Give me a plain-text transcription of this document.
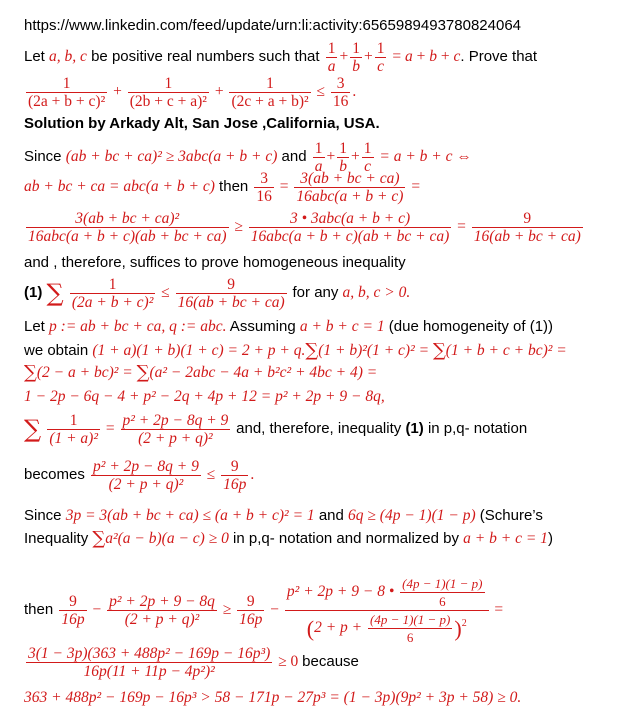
https://www.linkedin.com/feed/update/urn:li:activity:6565989493780824064
Let a, b, c be positive real numbers such that $\frac{1}{a} + \frac{1}{b} + \frac{1}{c} = a + b + c$. Prove that
$\frac{1}{\text{(2a + b + c)²}} + \frac{1}{\text{(2b + c + a)²}} + \frac{1}{\text{(2c + a + b)²}} \le \frac{3}{16}$ .
Solution by Arkady Alt, San Jose ,California, USA.
Since (ab + bc + ca)² ≥ 3abc(a + b + c) and $\frac{1}{a} + \frac{1}{b} + \frac{1}{c} = a + b + c$ ⇔
ab + bc + ca = abc(a + b + c) then $\frac{3}{16} = \frac{3(ab + bc + ca)}{\text{16abc(a + b + c)}}$ =
$\frac{\text{3(ab + bc + ca)²}}{\text{16abc(a + b + c)(ab + bc + ca)}} \ge \frac{\text{3 • 3abc(a + b + c)}}{\text{16abc(a + b + c)(ab + bc + ca)}} = \frac{9}{16(ab + bc + ca)}$
and , therefore, suffices to prove homogeneous inequality
(1) ∑ $\frac{1}{\text{(2a + b + c)²}} \le \frac{9}{16(ab + bc + ca)}$ for any a, b, c > 0.
Let p := ab + bc + ca, q := abc. Assuming a + b + c = 1 (due homogeneity of (1))
we obtain (1 + a)(1 + b)(1 + c) = 2 + p + q.∑(1 + b)²(1 + c)² = ∑(1 + b + c + bc)² =
∑(2 − a + bc)² = ∑(a² − 2abc − 4a + b²c² + 4bc + 4) =
1 − 2p − 6q − 4 + p² − 2q + 4p + 12 = p² + 2p + 9 − 8q,
∑ $\frac{1}{\text{(1 + a)²}} = \frac{\text{p² + 2p − 8q + 9}}{\text{(2 + p + q)²}}$ and, therefore, inequality (1) in p,q- notation
becomes $\frac{\text{p² + 2p − 8q + 9}}{\text{(2 + p + q)²}} \le \frac{9}{16p}$ .
Since 3p = 3(ab + bc + ca) ≤ (a + b + c)² = 1 and 6q ≥ (4p − 1)(1 − p) (Schure’s
Inequality ∑a²(a − b)(a − c) ≥ 0 in p,q- notation and normalized by a + b + c = 1)
then $\frac{9}{16p} - \frac{\text{p² + 2p + 9 − 8q}}{\text{(2 + p + q)²}} \ge \frac{9}{16p} - \frac{p^2 + 2p + 9 - 8 • \frac{(4p - 1)(1 - p)}{6}}{(2 + p + \frac{(4p - 1)(1 - p)}{6} )^2}$ =
$\frac{\text{3(1 − 3p)(363 + 488p² − 169p − 16p³)}}{\text{16p(11 + 11p − 4p²)²}} \ge 0$ because
363 + 488p² − 169p − 16p³ > 58 − 171p − 27p³ = (1 − 3p)(9p² + 3p + 58) ≥ 0.
